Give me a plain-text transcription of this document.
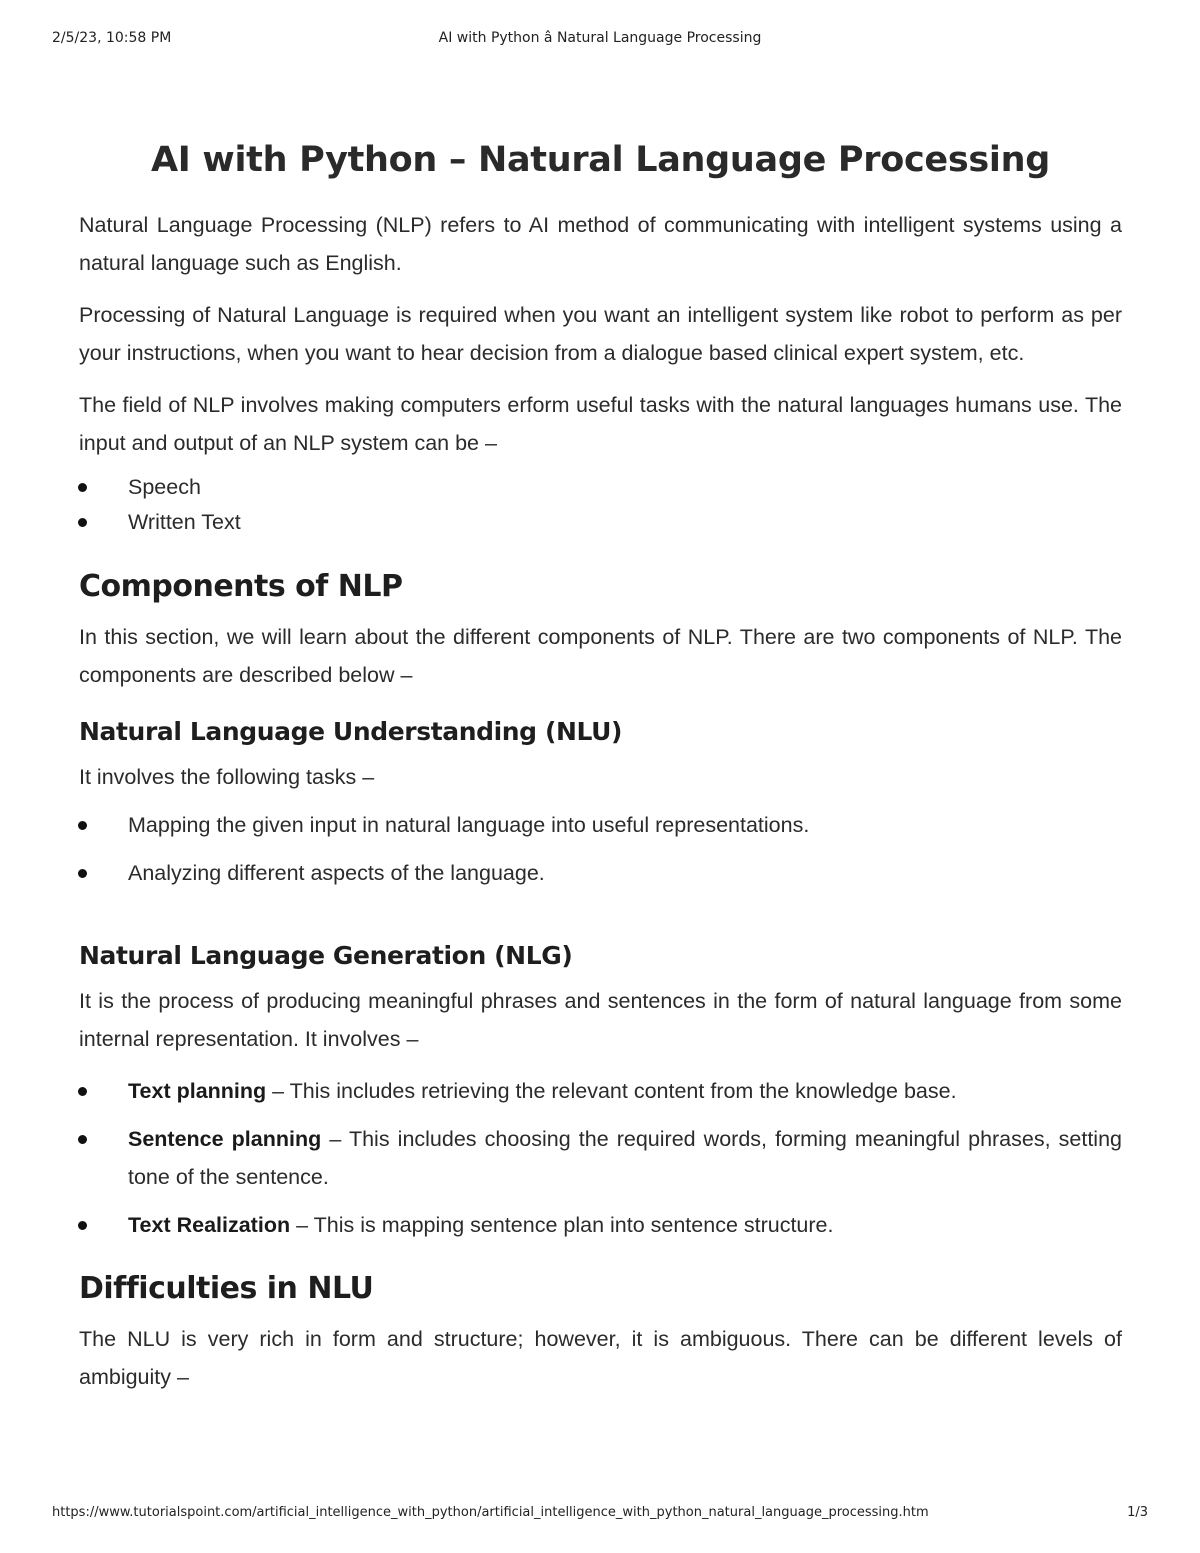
2/5/23, 10:58 PM	AI with Python â Natural Language Processing
AI with Python – Natural Language Processing

Natural Language Processing (NLP) refers to AI method of communicating with intelligent systems using a natural language such as English.

Processing of Natural Language is required when you want an intelligent system like robot to perform as per your instructions, when you want to hear decision from a dialogue based clinical expert system, etc.

The field of NLP involves making computers erform useful tasks with the natural languages humans use. The input and output of an NLP system can be –

Speech
Written Text
Components of NLP

In this section, we will learn about the different components of NLP. There are two components of NLP. The components are described below –

Natural Language Understanding (NLU)

It involves the following tasks –

Mapping the given input in natural language into useful representations.
Analyzing different aspects of the language.
Natural Language Generation (NLG)

It is the process of producing meaningful phrases and sentences in the form of natural language from some internal representation. It involves –

Text planning – This includes retrieving the relevant content from the knowledge base.
Sentence planning – This includes choosing the required words, forming meaningful phrases, setting tone of the sentence.
Text Realization – This is mapping sentence plan into sentence structure.
Difficulties in NLU

The NLU is very rich in form and structure; however, it is ambiguous. There can be different levels of ambiguity –

https://www.tutorialspoint.com/artificial_intelligence_with_python/artificial_intelligence_with_python_natural_language_processing.htm	1/3
